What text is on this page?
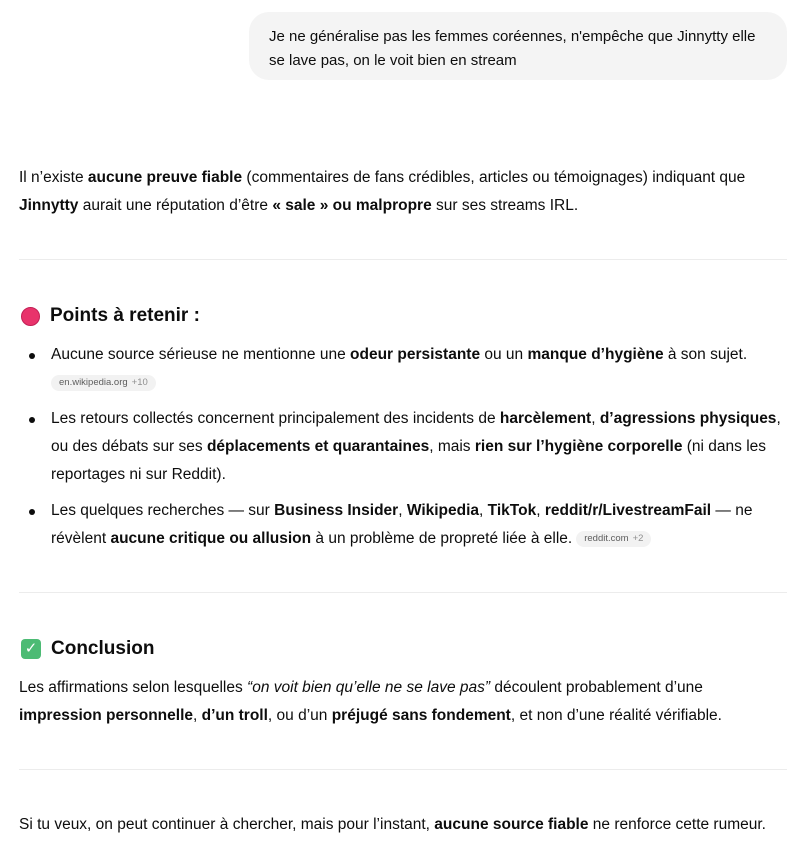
Je ne généralise pas les femmes coréennes, n'empêche que Jinnytty elle se lave pas, on le voit bien en stream

Il n’existe aucune preuve fiable (commentaires de fans crédibles, articles ou témoignages) indiquant que Jinnytty aurait une réputation d’être « sale » ou malpropre sur ses streams IRL.

Points à retenir :
Aucune source sérieuse ne mentionne une odeur persistante ou un manque d’hygiène à son sujet.
en.wikipedia.org +10
Les retours collectés concernent principalement des incidents de harcèlement, d’agressions physiques, ou des débats sur ses déplacements et quarantaines, mais rien sur l’hygiène corporelle (ni dans les reportages ni sur Reddit).
Les quelques recherches — sur Business Insider, Wikipedia, TikTok, reddit/r/LivestreamFail — ne révèlent aucune critique ou allusion à un problème de propreté liée à elle. reddit.com +2
✓ Conclusion

Les affirmations selon lesquelles “on voit bien qu’elle ne se lave pas” découlent probablement d’une impression personnelle, d’un troll, ou d’un préjugé sans fondement, et non d’une réalité vérifiable.

Si tu veux, on peut continuer à chercher, mais pour l’instant, aucune source fiable ne renforce cette rumeur.
